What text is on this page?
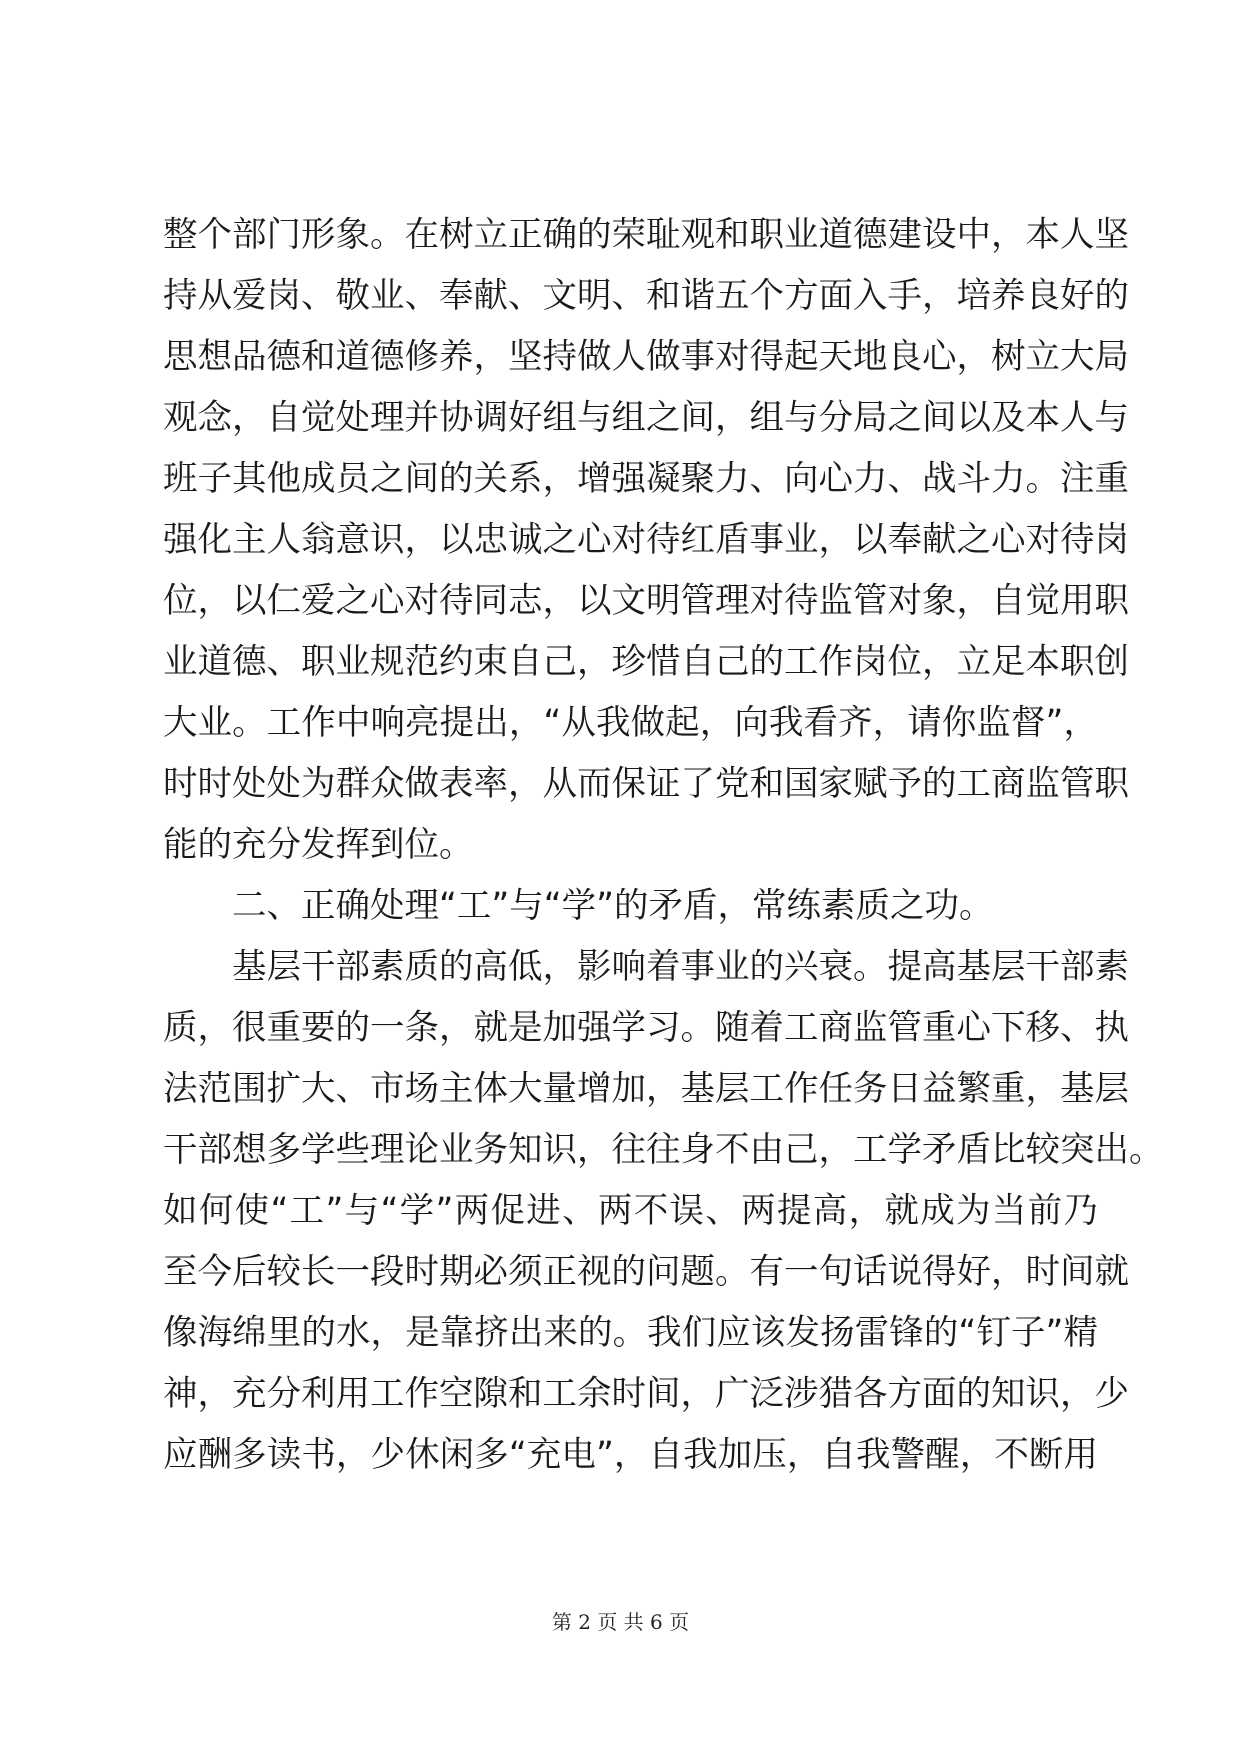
整个部门形象。在树立正确的荣耻观和职业道德建设中，本人坚
持从爱岗、敬业、奉献、文明、和谐五个方面入手，培养良好的
思想品德和道德修养，坚持做人做事对得起天地良心，树立大局
观念，自觉处理并协调好组与组之间，组与分局之间以及本人与
班子其他成员之间的关系，增强凝聚力、向心力、战斗力。注重
强化主人翁意识，以忠诚之心对待红盾事业，以奉献之心对待岗
位，以仁爱之心对待同志，以文明管理对待监管对象，自觉用职
业道德、职业规范约束自己，珍惜自己的工作岗位，立足本职创
大业。工作中响亮提出，“从我做起，向我看齐，请你监督”，
时时处处为群众做表率，从而保证了党和国家赋予的工商监管职
能的充分发挥到位。
二、正确处理“工”与“学”的矛盾，常练素质之功。
基层干部素质的高低，影响着事业的兴衰。提高基层干部素
质，很重要的一条，就是加强学习。随着工商监管重心下移、执
法范围扩大、市场主体大量增加，基层工作任务日益繁重，基层
干部想多学些理论业务知识，往往身不由己，工学矛盾比较突出。
如何使“工”与“学”两促进、两不误、两提高，就成为当前乃
至今后较长一段时期必须正视的问题。有一句话说得好，时间就
像海绵里的水，是靠挤出来的。我们应该发扬雷锋的“钉子”精
神，充分利用工作空隙和工余时间，广泛涉猎各方面的知识，少
应酬多读书，少休闲多“充电”，自我加压，自我警醒，不断用
第 2 页 共 6 页
